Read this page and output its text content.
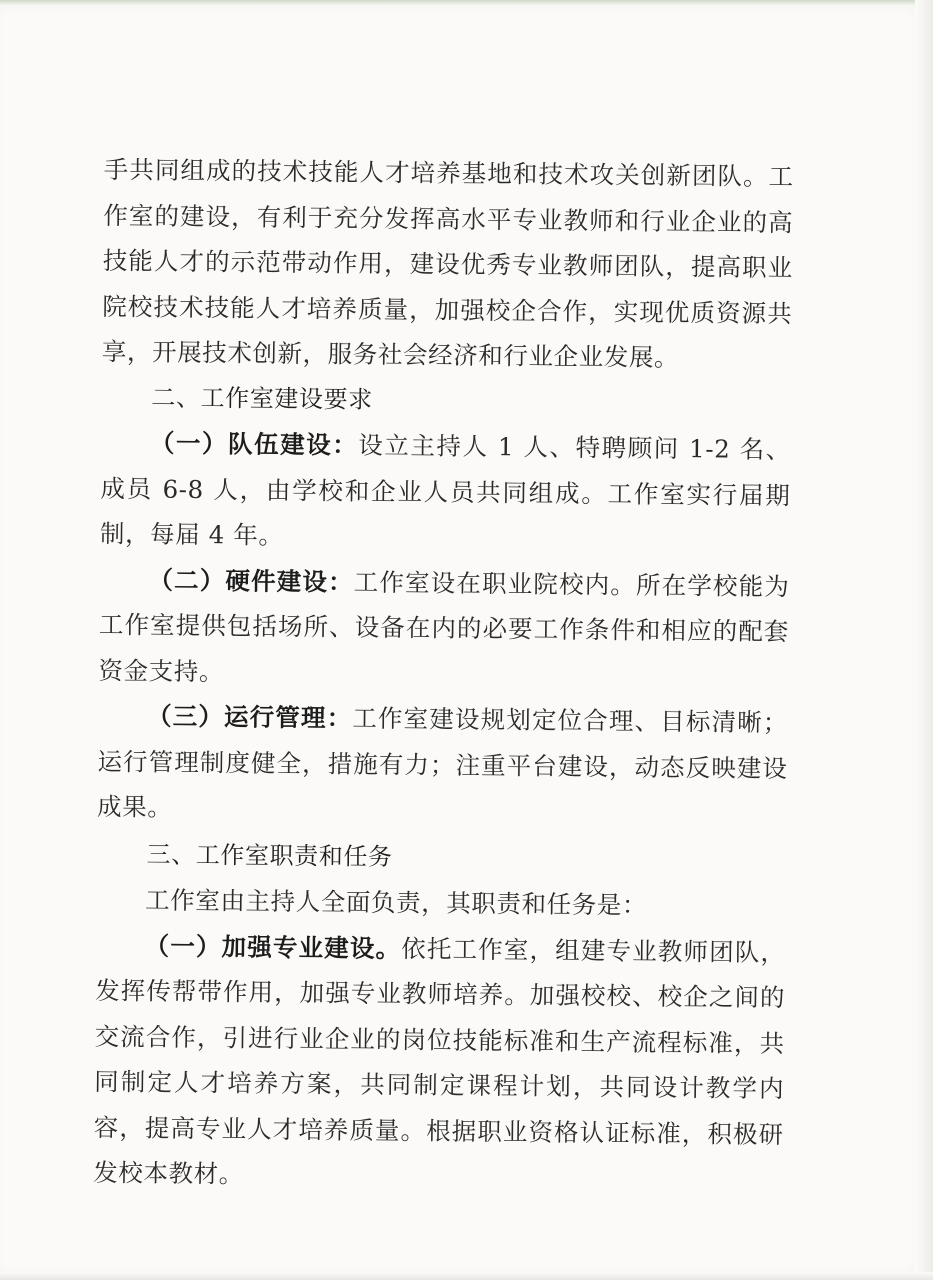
手共同组成的技术技能人才培养基地和技术攻关创新团队。工作室的建设，有利于充分发挥高水平专业教师和行业企业的高技能人才的示范带动作用，建设优秀专业教师团队，提高职业院校技术技能人才培养质量，加强校企合作，实现优质资源共享，开展技术创新，服务社会经济和行业企业发展。

二、工作室建设要求

（一）队伍建设：设立主持人 1 人、特聘顾问 1-2 名、成员 6-8 人，由学校和企业人员共同组成。工作室实行届期制，每届 4 年。

（二）硬件建设：工作室设在职业院校内。所在学校能为工作室提供包括场所、设备在内的必要工作条件和相应的配套资金支持。

（三）运行管理：工作室建设规划定位合理、目标清晰；运行管理制度健全，措施有力；注重平台建设，动态反映建设成果。

三、工作室职责和任务

工作室由主持人全面负责，其职责和任务是：

（一）加强专业建设。依托工作室，组建专业教师团队，发挥传帮带作用，加强专业教师培养。加强校校、校企之间的交流合作，引进行业企业的岗位技能标准和生产流程标准，共同制定人才培养方案，共同制定课程计划，共同设计教学内容，提高专业人才培养质量。根据职业资格认证标准，积极研发校本教材。
